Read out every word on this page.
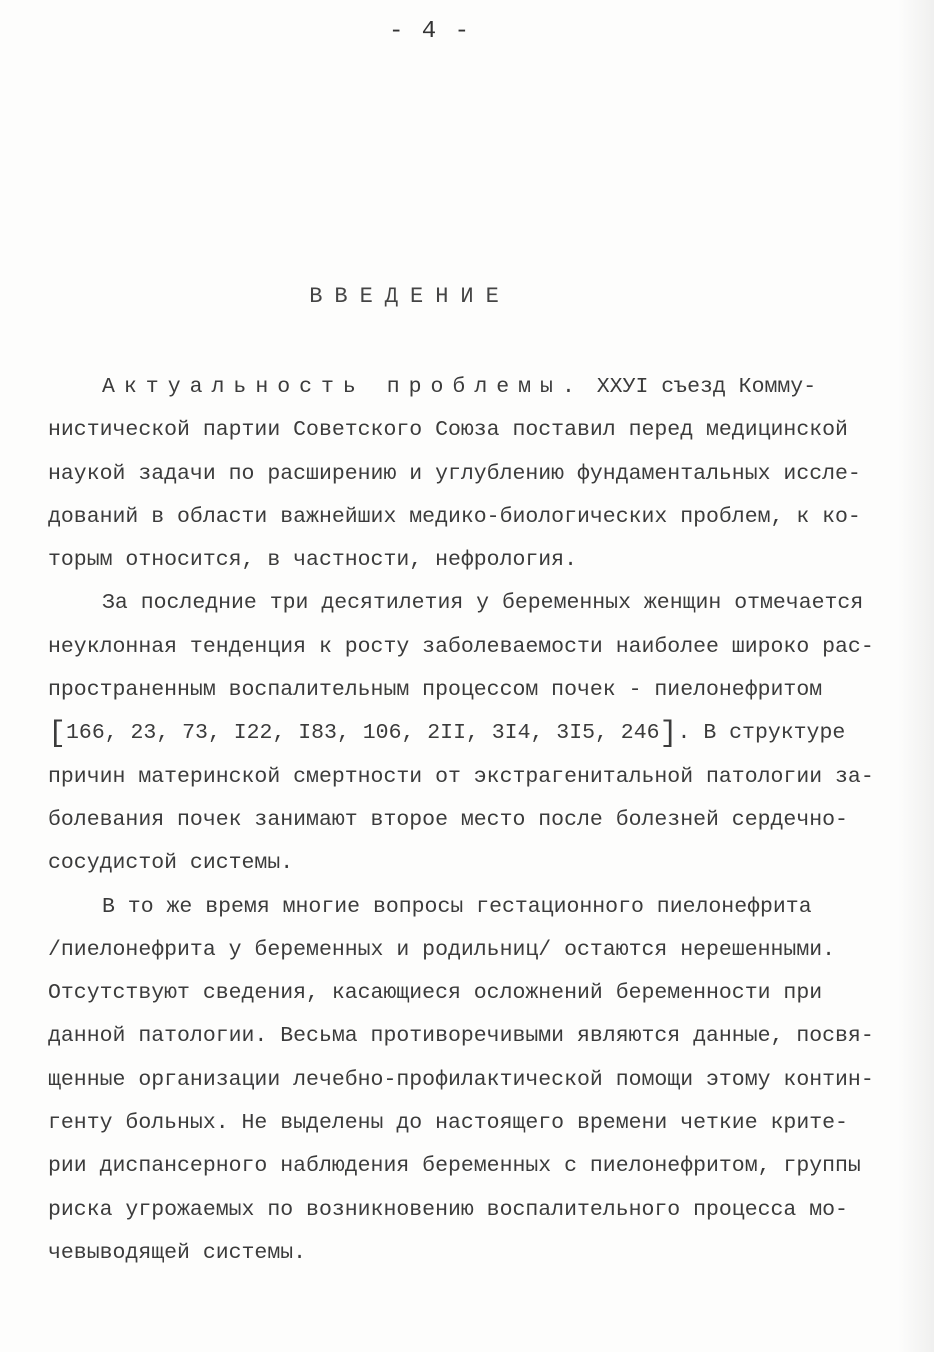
- 4 -
ВВЕДЕНИЕ
Актуальность проблемы. ХХУI съезд Комму-
нистической партии Советского Союза поставил перед медицинской
наукой задачи по расширению и углублению фундаментальных иссле-
дований в области важнейших медико-биологических проблем, к ко-
торым относится, в частности, нефрология.
За последние три десятилетия у беременных женщин отмечается
неуклонная тенденция к росту заболеваемости наиболее широко рас-
пространенным воспалительным процессом почек - пиелонефритом
[166, 23, 73, I22, I83, 106, 2II, 3I4, 3I5, 246]. В структуре
причин материнской смертности от экстрагенитальной патологии за-
болевания почек занимают второе место после болезней сердечно-
сосудистой системы.
В то же время многие вопросы гестационного пиелонефрита
/пиелонефрита у беременных и родильниц/ остаются нерешенными.
Отсутствуют сведения, касающиеся осложнений беременности при
данной патологии. Весьма противоречивыми являются данные, посвя-
щенные организации лечебно-профилактической помощи этому контин-
генту больных. Не выделены до настоящего времени четкие крите-
рии диспансерного наблюдения беременных с пиелонефритом, группы
риска угрожаемых по возникновению воспалительного процесса мо-
чевыводящей системы.
